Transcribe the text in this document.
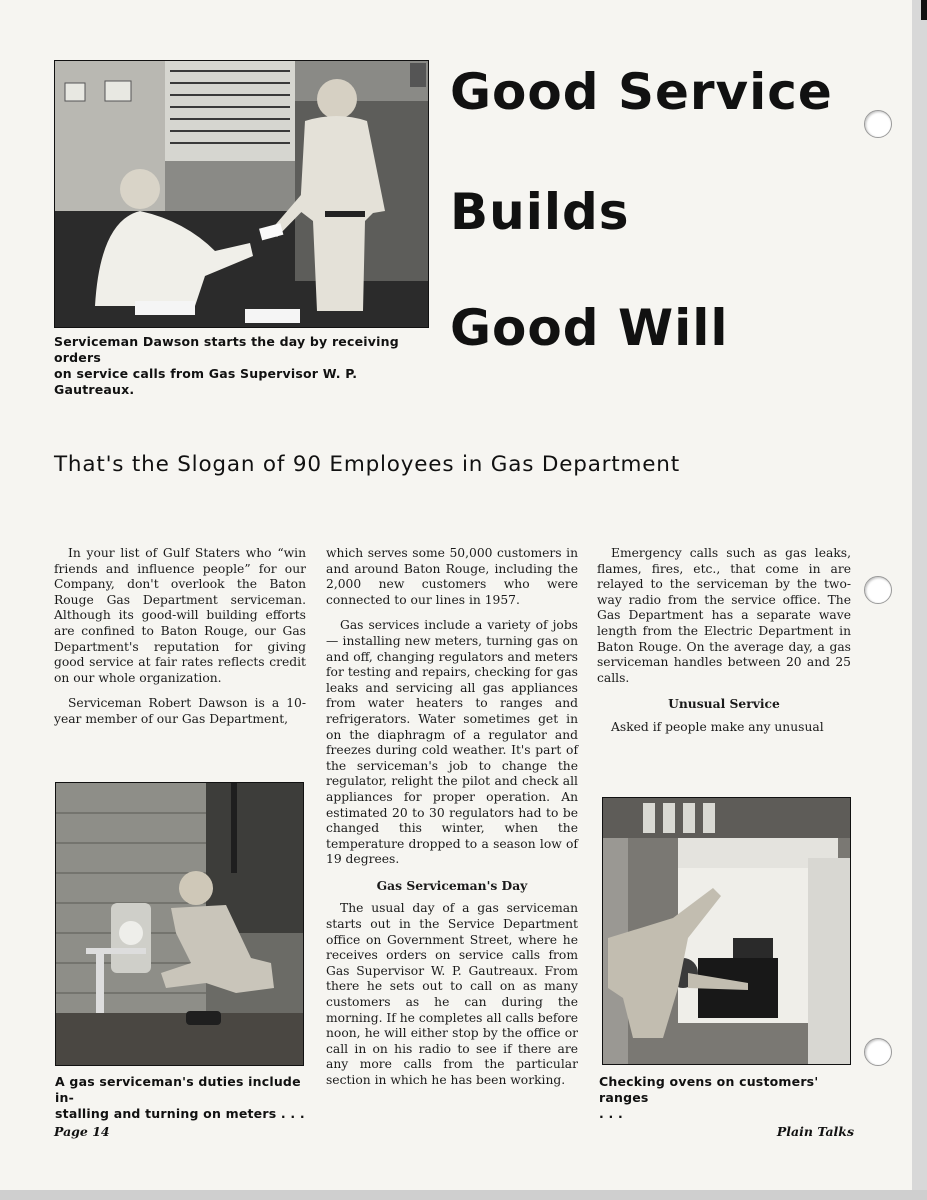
Serviceman Dawson starts the day by receiving orders
on service calls from Gas Supervisor W. P. Gautreaux.
Good Service
Builds
Good Will
That's the Slogan of 90 Employees in Gas Department

In your list of Gulf Staters who “win friends and influence people” for our Company, don't overlook the Baton Rouge Gas Department serviceman. Although its good-will building efforts are confined to Baton Rouge, our Gas Department's reputation for giving good service at fair rates reflects credit on our whole organization.

Serviceman Robert Dawson is a 10-year member of our Gas Department,

A gas serviceman's duties include in-
stalling and turning on meters . . .

which serves some 50,000 customers in and around Baton Rouge, including the 2,000 new customers who were connected to our lines in 1957.

Gas services include a variety of jobs — installing new meters, turning gas on and off, changing regulators and meters for testing and repairs, checking for gas leaks and servicing all gas appliances from water heaters to ranges and refrigerators. Water sometimes get in on the diaphragm of a regulator and freezes during cold weather. It's part of the serviceman's job to change the regulator, relight the pilot and check all appliances for proper operation. An estimated 20 to 30 regulators had to be changed this winter, when the temperature dropped to a season low of 19 degrees.

Gas Serviceman's Day

The usual day of a gas serviceman starts out in the Service Department office on Government Street, where he receives orders on service calls from Gas Supervisor W. P. Gautreaux. From there he sets out to call on as many customers as he can during the morning. If he completes all calls before noon, he will either stop by the office or call in on his radio to see if there are any more calls from the particular section in which he has been working.

Emergency calls such as gas leaks, flames, fires, etc., that come in are relayed to the serviceman by the two-way radio from the service office. The Gas Department has a separate wave length from the Electric Department in Baton Rouge. On the average day, a gas serviceman handles between 20 and 25 calls.

Unusual Service

Asked if people make any unusual

Checking ovens on customers' ranges
. . .
Page 14	Plain Talks
